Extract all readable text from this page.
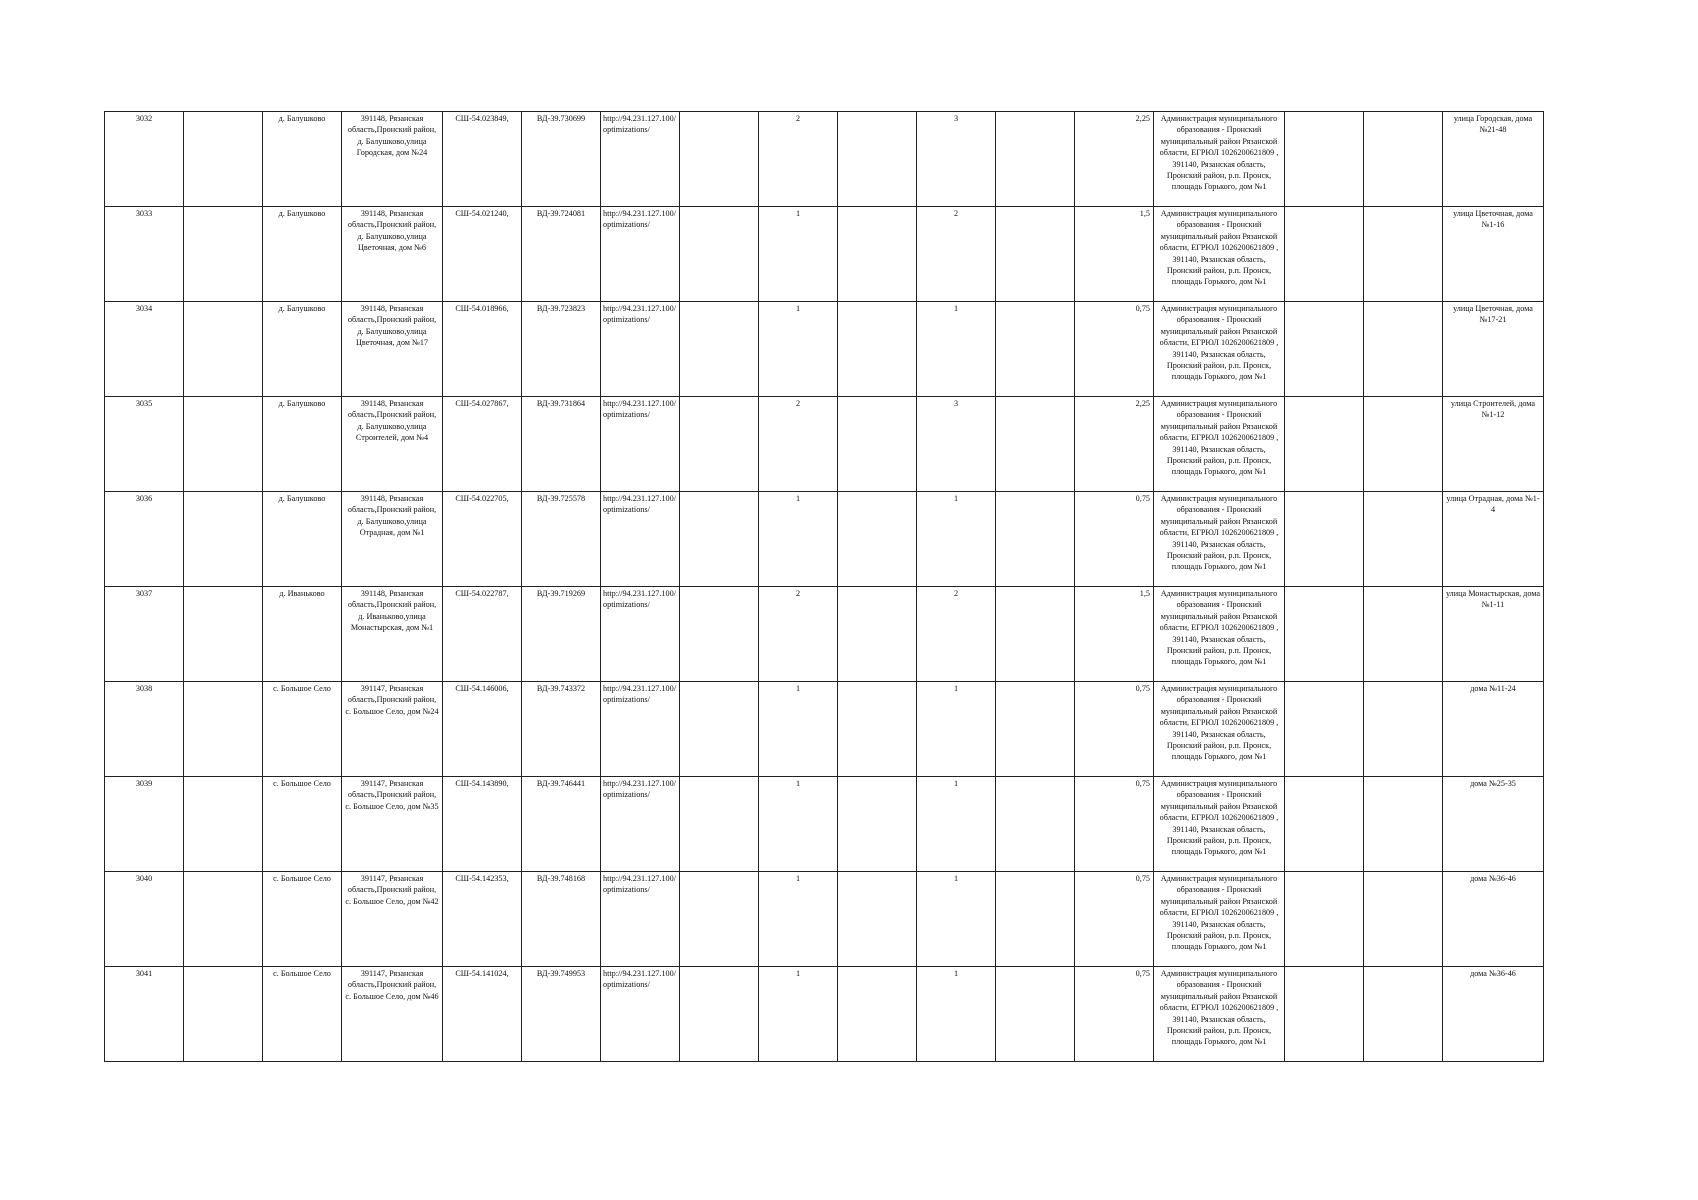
3032		д. Балушково	391148, Рязанская область,Пронский район, д. Балушково,улица Городская, дом №24	СШ-54.023849,	ВД-39.730699	http://94.231.127.100/optimizations/		2		3		2,25	Администрация муниципального образования - Пронский муниципальный район Рязанской области, ЕГРЮЛ 1026200621809 , 391140, Рязанская область, Пронский район, р.п. Пронск, площадь Горького, дом №1			улица Городская, дома №21-48
3033		д. Балушково	391148, Рязанская область,Пронский район, д. Балушково,улица Цветочная, дом №6	СШ-54.021240,	ВД-39.724081	http://94.231.127.100/optimizations/		1		2		1,5	Администрация муниципального образования - Пронский муниципальный район Рязанской области, ЕГРЮЛ 1026200621809 , 391140, Рязанская область, Пронский район, р.п. Пронск, площадь Горького, дом №1			улица Цветочная, дома №1-16
3034		д. Балушково	391148, Рязанская область,Пронский район, д. Балушково,улица Цветочная, дом №17	СШ-54.018966,	ВД-39.723823	http://94.231.127.100/optimizations/		1		1		0,75	Администрация муниципального образования - Пронский муниципальный район Рязанской области, ЕГРЮЛ 1026200621809 , 391140, Рязанская область, Пронский район, р.п. Пронск, площадь Горького, дом №1			улица Цветочная, дома №17-21
3035		д. Балушково	391148, Рязанская область,Пронский район, д. Балушково,улица Строителей, дом №4	СШ-54.027867,	ВД-39.731864	http://94.231.127.100/optimizations/		2		3		2,25	Администрация муниципального образования - Пронский муниципальный район Рязанской области, ЕГРЮЛ 1026200621809 , 391140, Рязанская область, Пронский район, р.п. Пронск, площадь Горького, дом №1			улица Строителей, дома №1-12
3036		д. Балушково	391148, Рязанская область,Пронский район, д. Балушково,улица Отрадная, дом №1	СШ-54.022705,	ВД-39.725578	http://94.231.127.100/optimizations/		1		1		0,75	Администрация муниципального образования - Пронский муниципальный район Рязанской области, ЕГРЮЛ 1026200621809 , 391140, Рязанская область, Пронский район, р.п. Пронск, площадь Горького, дом №1			улица Отрадная, дома №1-4
3037		д. Иваньково	391148, Рязанская область,Пронский район, д. Иваньково,улица Монастырская, дом №1	СШ-54.022787,	ВД-39.719269	http://94.231.127.100/optimizations/		2		2		1,5	Администрация муниципального образования - Пронский муниципальный район Рязанской области, ЕГРЮЛ 1026200621809 , 391140, Рязанская область, Пронский район, р.п. Пронск, площадь Горького, дом №1			улица Монастырская, дома №1-11
3038		с. Большое Село	391147, Рязанская область,Пронский район, с. Большое Село, дом №24	СШ-54.146006,	ВД-39.743372	http://94.231.127.100/optimizations/		1		1		0,75	Администрация муниципального образования - Пронский муниципальный район Рязанской области, ЕГРЮЛ 1026200621809 , 391140, Рязанская область, Пронский район, р.п. Пронск, площадь Горького, дом №1			дома №11-24
3039		с. Большое Село	391147, Рязанская область,Пронский район, с. Большое Село, дом №35	СШ-54.143890,	ВД-39.746441	http://94.231.127.100/optimizations/		1		1		0,75	Администрация муниципального образования - Пронский муниципальный район Рязанской области, ЕГРЮЛ 1026200621809 , 391140, Рязанская область, Пронский район, р.п. Пронск, площадь Горького, дом №1			дома №25-35
3040		с. Большое Село	391147, Рязанская область,Пронский район, с. Большое Село, дом №42	СШ-54.142353,	ВД-39.748168	http://94.231.127.100/optimizations/		1		1		0,75	Администрация муниципального образования - Пронский муниципальный район Рязанской области, ЕГРЮЛ 1026200621809 , 391140, Рязанская область, Пронский район, р.п. Пронск, площадь Горького, дом №1			дома №36-46
3041		с. Большое Село	391147, Рязанская область,Пронский район, с. Большое Село, дом №46	СШ-54.141024,	ВД-39.749953	http://94.231.127.100/optimizations/		1		1		0,75	Администрация муниципального образования - Пронский муниципальный район Рязанской области, ЕГРЮЛ 1026200621809 , 391140, Рязанская область, Пронский район, р.п. Пронск, площадь Горького, дом №1			дома №36-46
